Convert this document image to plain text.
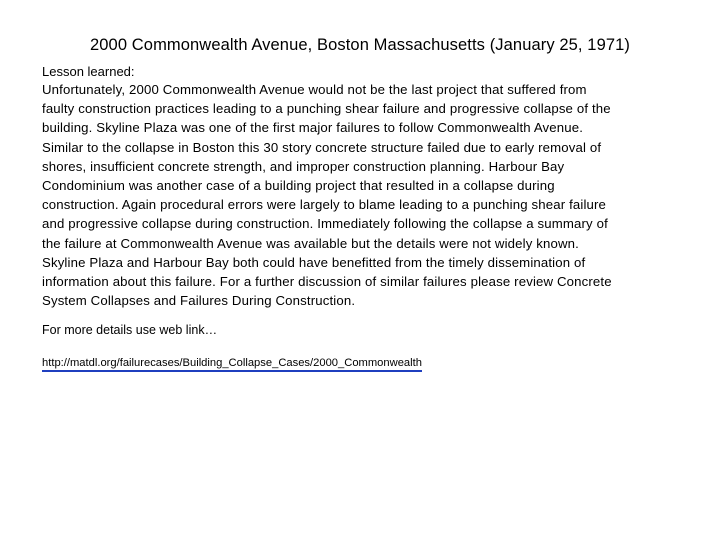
2000 Commonwealth Avenue, Boston Massachusetts (January 25, 1971)
Lesson learned:
Unfortunately, 2000 Commonwealth Avenue would not be the last project that suffered from
faulty construction practices leading to a punching shear failure and progressive collapse of the
building. Skyline Plaza was one of the first major failures to follow Commonwealth Avenue.
Similar to the collapse in Boston this 30 story concrete structure failed due to early removal of
shores, insufficient concrete strength, and improper construction planning. Harbour Bay
Condominium was another case of a building project that resulted in a collapse during
construction. Again procedural errors were largely to blame leading to a punching shear failure
and progressive collapse during construction. Immediately following the collapse a summary of
the failure at Commonwealth Avenue was available but the details were not widely known.
Skyline Plaza and Harbour Bay both could have benefitted from the timely dissemination of
information about this failure. For a further discussion of similar failures please review Concrete
System Collapses and Failures During Construction.
For more details use web link…
http://matdl.org/failurecases/Building_Collapse_Cases/2000_Commonwealth
